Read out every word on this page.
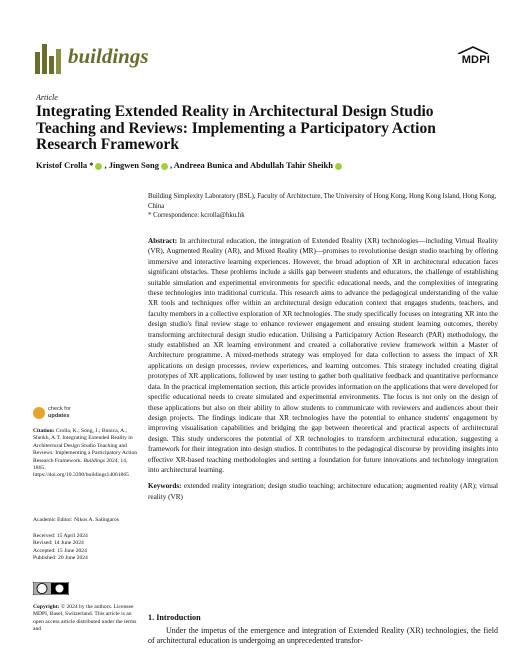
buildings	MDPI
Article
Integrating Extended Reality in Architectural Design Studio Teaching and Reviews: Implementing a Participatory Action Research Framework
Kristof Crolla * , Jingwen Song , Andreea Bunica and Abdullah Tahir Sheikh

Building Simplexity Laboratory (BSL), Faculty of Architecture, The University of Hong Kong, Hong Kong Island, Hong Kong, China

* Correspondence: kcrolla@hku.hk

Abstract: In architectural education, the integration of Extended Reality (XR) technologies—including Virtual Reality (VR), Augmented Reality (AR), and Mixed Reality (MR)—promises to revolutionise design studio teaching by offering immersive and interactive learning experiences. However, the broad adoption of XR in architectural education faces significant obstacles. These problems include a skills gap between students and educators, the challenge of establishing suitable simulation and experimental environments for specific educational needs, and the complexities of integrating these technologies into traditional curricula. This research aims to advance the pedagogical understanding of the value XR tools and techniques offer within an architectural design education context that engages students, teachers, and faculty members in a collective exploration of XR technologies. The study specifically focuses on integrating XR into the design studio's final review stage to enhance reviewer engagement and ensuing student learning outcomes, thereby transforming architectural design studio education. Utilising a Participatory Action Research (PAR) methodology, the study established an XR learning environment and created a collaborative review framework within a Master of Architecture programme. A mixed-methods strategy was employed for data collection to assess the impact of XR applications on design processes, review experiences, and learning outcomes. This strategy included creating digital prototypes of XR applications, followed by user testing to gather both qualitative feedback and quantitative performance data. In the practical implementation section, this article provides information on the applications that were developed for specific educational needs to create simulated and experimental environments. The focus is not only on the design of these applications but also on their ability to allow students to communicate with reviewers and audiences about their design projects. The findings indicate that XR technologies have the potential to enhance students' engagement by improving visualisation capabilities and bridging the gap between theoretical and practical aspects of architectural design. This study underscores the potential of XR technologies to transform architectural education, suggesting a framework for their integration into design studios. It contributes to the pedagogical discourse by providing insights into effective XR-based teaching methodologies and setting a foundation for future innovations and technology integration into architectural learning.

Keywords: extended reality integration; design studio teaching; architecture education; augmented reality (AR); virtual reality (VR)

check for
updates

Citation: Crolla, K.; Song, J.; Bunica, A.; Sheikh, A.T. Integrating Extended Reality in Architectural Design Studio Teaching and Reviews: Implementing a Participatory Action Research Framework. Buildings 2024, 14, 1865. https://doi.org/10.3390/buildings14061865

Academic Editor: Nikos A. Salingaros

Received: 15 April 2024

Revised: 14 June 2024

Accepted: 15 June 2024

Published: 20 June 2024

Copyright: © 2024 by the authors. Licensee MDPI, Basel, Switzerland. This article is an open access article distributed under the terms and

1. Introduction
Under the impetus of the emergence and integration of Extended Reality (XR) technologies, the field of architectural education is undergoing an unprecedented transfor-
